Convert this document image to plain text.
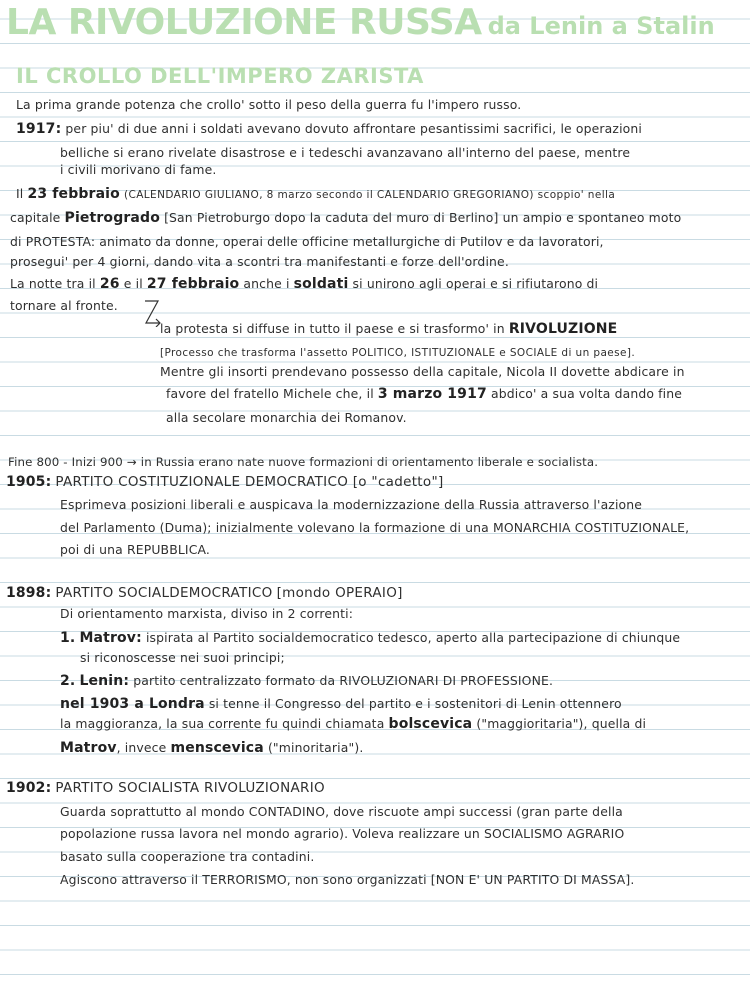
LA RIVOLUZIONE RUSSA da Lenin a Stalin
IL CROLLO DELL'IMPERO ZARISTA
La prima grande potenza che crollo' sotto il peso della guerra fu l'impero russo.
1917: per piu' di due anni i soldati avevano dovuto affrontare pesantissimi sacrifici, le operazioni
belliche si erano rivelate disastrose e i tedeschi avanzavano all'interno del paese, mentre
i civili morivano di fame.
Il 23 febbraio (CALENDARIO GIULIANO, 8 marzo secondo il CALENDARIO GREGORIANO) scoppio' nella
capitale Pietrogrado [San Pietroburgo dopo la caduta del muro di Berlino] un ampio e spontaneo moto
di PROTESTA: animato da donne, operai delle officine metallurgiche di Putilov e da lavoratori,
prosegui' per 4 giorni, dando vita a scontri tra manifestanti e forze dell'ordine.
La notte tra il 26 e il 27 febbraio anche i soldati si unirono agli operai e si rifiutarono di
tornare al fronte.
la protesta si diffuse in tutto il paese e si trasformo' in RIVOLUZIONE
[Processo che trasforma l'assetto POLITICO, ISTITUZIONALE e SOCIALE di un paese].
Mentre gli insorti prendevano possesso della capitale, Nicola II dovette abdicare in
favore del fratello Michele che, il 3 marzo 1917 abdico' a sua volta dando fine
alla secolare monarchia dei Romanov.
Fine 800 - Inizi 900 → in Russia erano nate nuove formazioni di orientamento liberale e socialista.
1905: PARTITO COSTITUZIONALE DEMOCRATICO [o "cadetto"]
Esprimeva posizioni liberali e auspicava la modernizzazione della Russia attraverso l'azione
del Parlamento (Duma); inizialmente volevano la formazione di una MONARCHIA COSTITUZIONALE,
poi di una REPUBBLICA.
1898: PARTITO SOCIALDEMOCRATICO [mondo OPERAIO]
Di orientamento marxista, diviso in 2 correnti:
1. Matrov: ispirata al Partito socialdemocratico tedesco, aperto alla partecipazione di chiunque
si riconoscesse nei suoi principi;
2. Lenin: partito centralizzato formato da RIVOLUZIONARI DI PROFESSIONE.
nel 1903 a Londra si tenne il Congresso del partito e i sostenitori di Lenin ottennero
la maggioranza, la sua corrente fu quindi chiamata bolscevica ("maggioritaria"), quella di
Matrov, invece menscevica ("minoritaria").
1902: PARTITO SOCIALISTA RIVOLUZIONARIO
Guarda soprattutto al mondo CONTADINO, dove riscuote ampi successi (gran parte della
popolazione russa lavora nel mondo agrario). Voleva realizzare un SOCIALISMO AGRARIO
basato sulla cooperazione tra contadini.
Agiscono attraverso il TERRORISMO, non sono organizzati [NON E' UN PARTITO DI MASSA].
